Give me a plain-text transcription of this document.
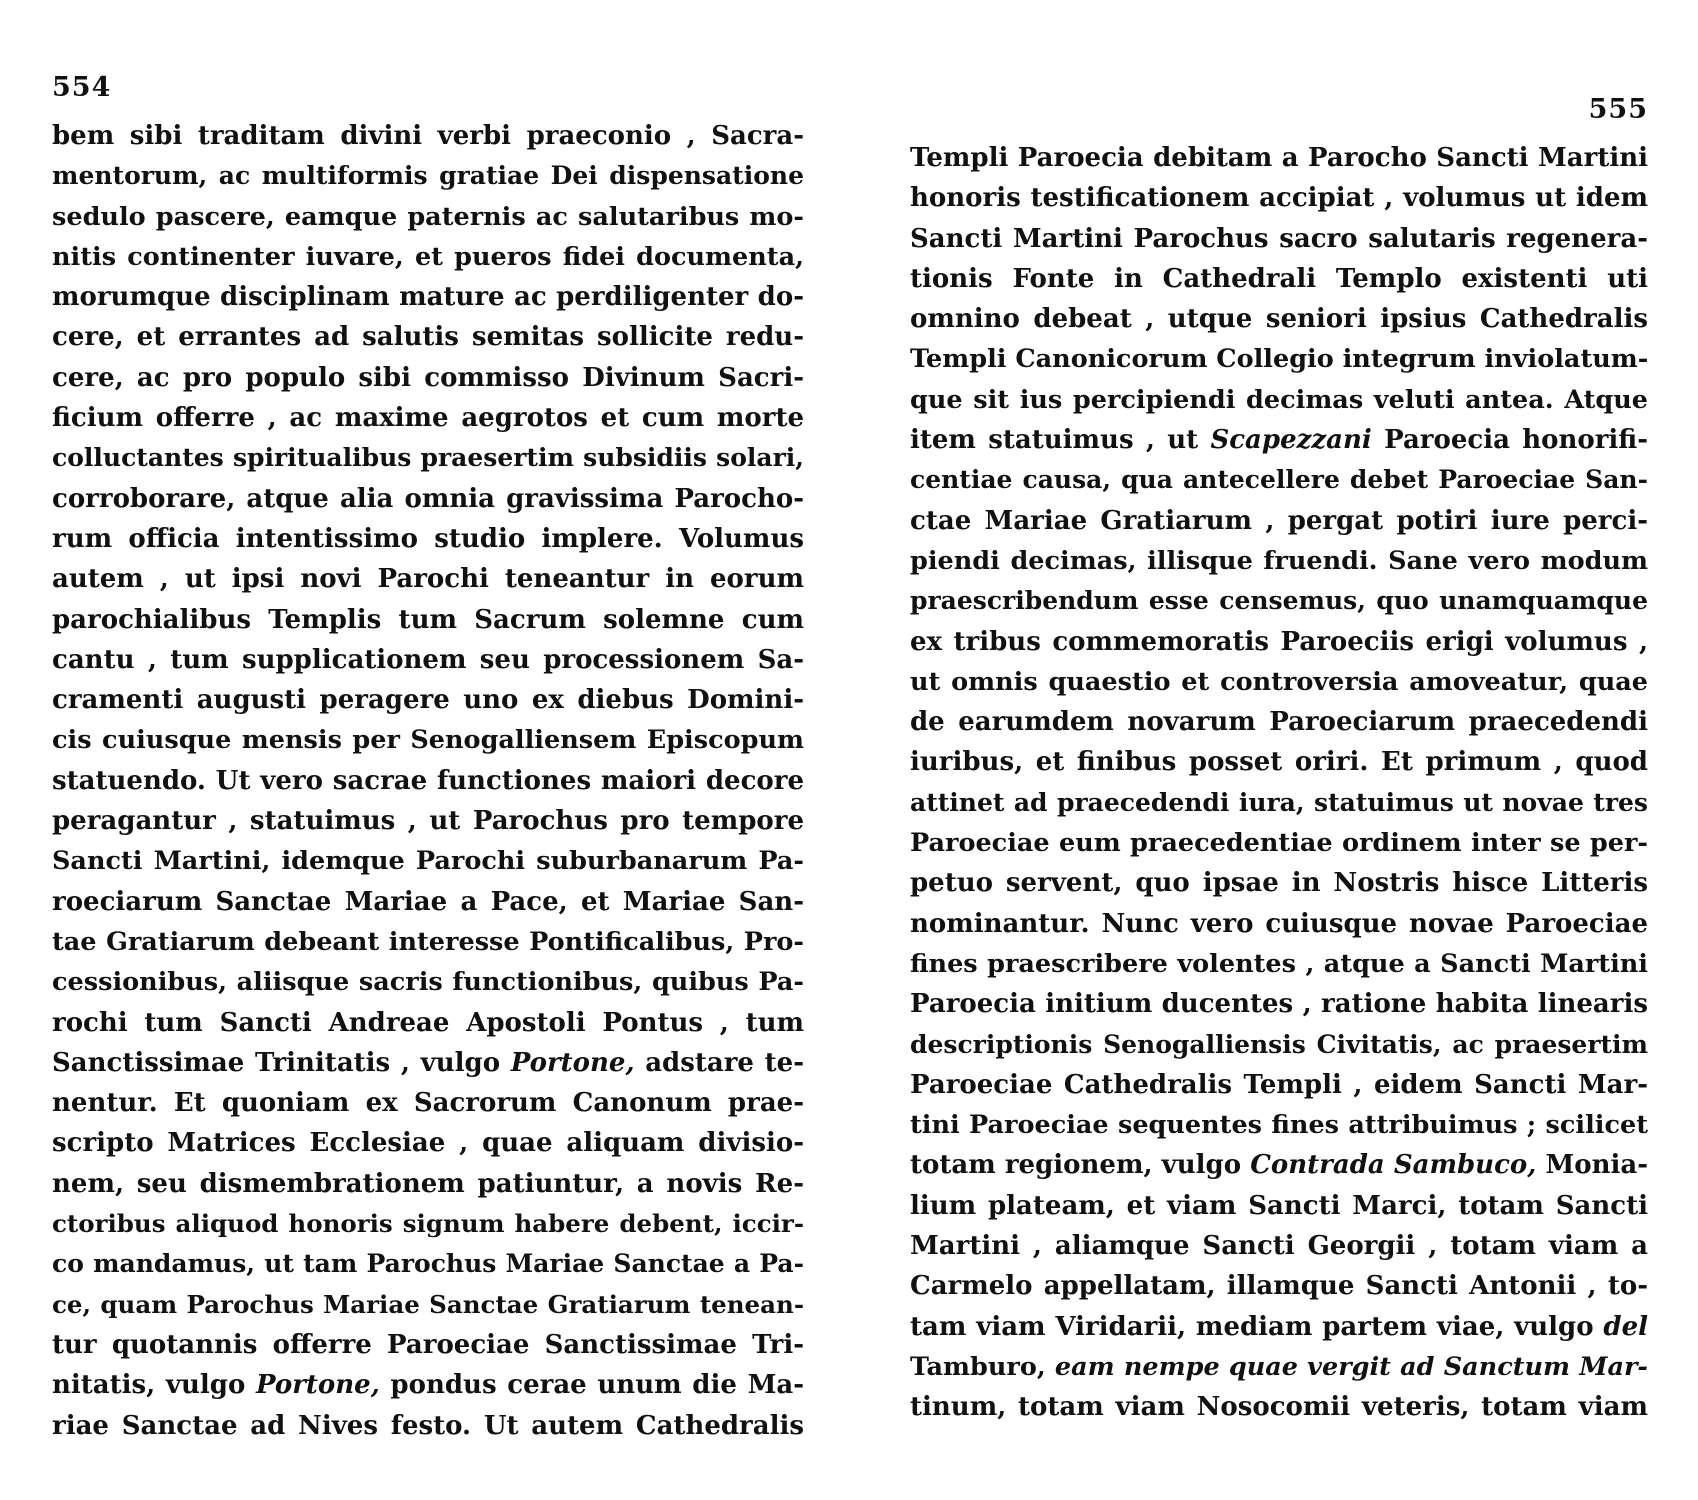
554
bem sibi traditam divini verbi praeconio , Sacra-
mentorum, ac multiformis gratiae Dei dispensatione
sedulo pascere, eamque paternis ac salutaribus mo-
nitis continenter iuvare, et pueros fidei documenta,
morumque disciplinam mature ac perdiligenter do-
cere, et errantes ad salutis semitas sollicite redu-
cere, ac pro populo sibi commisso Divinum Sacri-
ficium offerre , ac maxime aegrotos et cum morte
colluctantes spiritualibus praesertim subsidiis solari,
corroborare, atque alia omnia gravissima Parocho-
rum officia intentissimo studio implere. Volumus
autem , ut ipsi novi Parochi teneantur in eorum
parochialibus Templis tum Sacrum solemne cum
cantu , tum supplicationem seu processionem Sa-
cramenti augusti peragere uno ex diebus Domini-
cis cuiusque mensis per Senogalliensem Episcopum
statuendo. Ut vero sacrae functiones maiori decore
peragantur , statuimus , ut Parochus pro tempore
Sancti Martini, idemque Parochi suburbanarum Pa-
roeciarum Sanctae Mariae a Pace, et Mariae San-
tae Gratiarum debeant interesse Pontificalibus, Pro-
cessionibus, aliisque sacris functionibus, quibus Pa-
rochi tum Sancti Andreae Apostoli Pontus , tum
Sanctissimae Trinitatis , vulgo Portone, adstare te-
nentur. Et quoniam ex Sacrorum Canonum prae-
scripto Matrices Ecclesiae , quae aliquam divisio-
nem, seu dismembrationem patiuntur, a novis Re-
ctoribus aliquod honoris signum habere debent, iccir-
co mandamus, ut tam Parochus Mariae Sanctae a Pa-
ce, quam Parochus Mariae Sanctae Gratiarum tenean-
tur quotannis offerre Paroeciae Sanctissimae Tri-
nitatis, vulgo Portone, pondus cerae unum die Ma-
riae Sanctae ad Nives festo. Ut autem Cathedralis
555
Templi Paroecia debitam a Parocho Sancti Martini
honoris testificationem accipiat , volumus ut idem
Sancti Martini Parochus sacro salutaris regenera-
tionis Fonte in Cathedrali Templo existenti uti
omnino debeat , utque seniori ipsius Cathedralis
Templi Canonicorum Collegio integrum inviolatum-
que sit ius percipiendi decimas veluti antea. Atque
item statuimus , ut Scapezzani Paroecia honorifi-
centiae causa, qua antecellere debet Paroeciae San-
ctae Mariae Gratiarum , pergat potiri iure perci-
piendi decimas, illisque fruendi. Sane vero modum
praescribendum esse censemus, quo unamquamque
ex tribus commemoratis Paroeciis erigi volumus ,
ut omnis quaestio et controversia amoveatur, quae
de earumdem novarum Paroeciarum praecedendi
iuribus, et finibus posset oriri. Et primum , quod
attinet ad praecedendi iura, statuimus ut novae tres
Paroeciae eum praecedentiae ordinem inter se per-
petuo servent, quo ipsae in Nostris hisce Litteris
nominantur. Nunc vero cuiusque novae Paroeciae
fines praescribere volentes , atque a Sancti Martini
Paroecia initium ducentes , ratione habita linearis
descriptionis Senogalliensis Civitatis, ac praesertim
Paroeciae Cathedralis Templi , eidem Sancti Mar-
tini Paroeciae sequentes fines attribuimus ; scilicet
totam regionem, vulgo Contrada Sambuco, Monia-
lium plateam, et viam Sancti Marci, totam Sancti
Martini , aliamque Sancti Georgii , totam viam a
Carmelo appellatam, illamque Sancti Antonii , to-
tam viam Viridarii, mediam partem viae, vulgo del
Tamburo, eam nempe quae vergit ad Sanctum Mar-
tinum, totam viam Nosocomii veteris, totam viam
